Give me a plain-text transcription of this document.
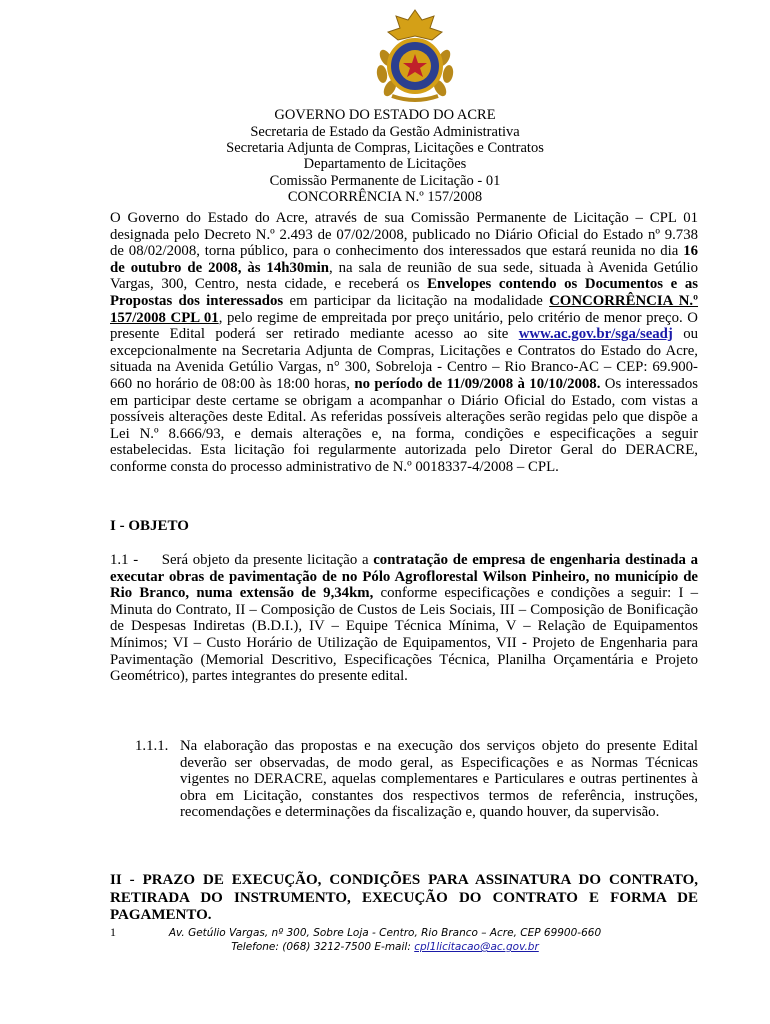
GOVERNO DO ESTADO DO ACRE
Secretaria de Estado da Gestão Administrativa
Secretaria Adjunta de Compras, Licitações e Contratos
Departamento de Licitações
Comissão Permanente de Licitação - 01
CONCORRÊNCIA N.º 157/2008
O Governo do Estado do Acre, através de sua Comissão Permanente de Licitação – CPL 01 designada pelo Decreto N.º 2.493 de 07/02/2008, publicado no Diário Oficial do Estado nº 9.738 de 08/02/2008, torna público, para o conhecimento dos interessados que estará reunida no dia 16 de outubro de 2008, às 14h30min, na sala de reunião de sua sede, situada à Avenida Getúlio Vargas, 300, Centro, nesta cidade, e receberá os Envelopes contendo os Documentos e as Propostas dos interessados em participar da licitação na modalidade CONCORRÊNCIA N.º 157/2008 CPL 01, pelo regime de empreitada por preço unitário, pelo critério de menor preço. O presente Edital poderá ser retirado mediante acesso ao site www.ac.gov.br/sga/seadj ou excepcionalmente na Secretaria Adjunta de Compras, Licitações e Contratos do Estado do Acre, situada na Avenida Getúlio Vargas, n° 300, Sobreloja - Centro – Rio Branco-AC – CEP: 69.900-660 no horário de 08:00 às 18:00 horas, no período de 11/09/2008 à 10/10/2008. Os interessados em participar deste certame se obrigam a acompanhar o Diário Oficial do Estado, com vistas a possíveis alterações deste Edital. As referidas possíveis alterações serão regidas pelo que dispõe a Lei N.º 8.666/93, e demais alterações e, na forma, condições e especificações a seguir estabelecidas. Esta licitação foi regularmente autorizada pelo Diretor Geral do DERACRE, conforme consta do processo administrativo de N.º 0018337-4/2008 – CPL.
I - OBJETO
1.1 - Será objeto da presente licitação a contratação de empresa de engenharia destinada a executar obras de pavimentação de no Pólo Agroflorestal Wilson Pinheiro, no município de Rio Branco, numa extensão de 9,34km, conforme especificações e condições a seguir: I – Minuta do Contrato, II – Composição de Custos de Leis Sociais, III – Composição de Bonificação de Despesas Indiretas (B.D.I.), IV – Equipe Técnica Mínima, V – Relação de Equipamentos Mínimos; VI – Custo Horário de Utilização de Equipamentos, VII - Projeto de Engenharia para Pavimentação (Memorial Descritivo, Especificações Técnica, Planilha Orçamentária e Projeto Geométrico), partes integrantes do presente edital.
1.1.1. Na elaboração das propostas e na execução dos serviços objeto do presente Edital deverão ser observadas, de modo geral, as Especificações e as Normas Técnicas vigentes no DERACRE, aquelas complementares e Particulares e outras pertinentes à obra em Licitação, constantes dos respectivos termos de referência, instruções, recomendações e determinações da fiscalização e, quando houver, da supervisão.
II - PRAZO DE EXECUÇÃO, CONDIÇÕES PARA ASSINATURA DO CONTRATO, RETIRADA DO INSTRUMENTO, EXECUÇÃO DO CONTRATO E FORMA DE PAGAMENTO.
1	Av. Getúlio Vargas, nº 300, Sobre Loja - Centro, Rio Branco – Acre, CEP 69900-660
Telefone: (068) 3212-7500 E-mail: cpl1licitacao@ac.gov.br
